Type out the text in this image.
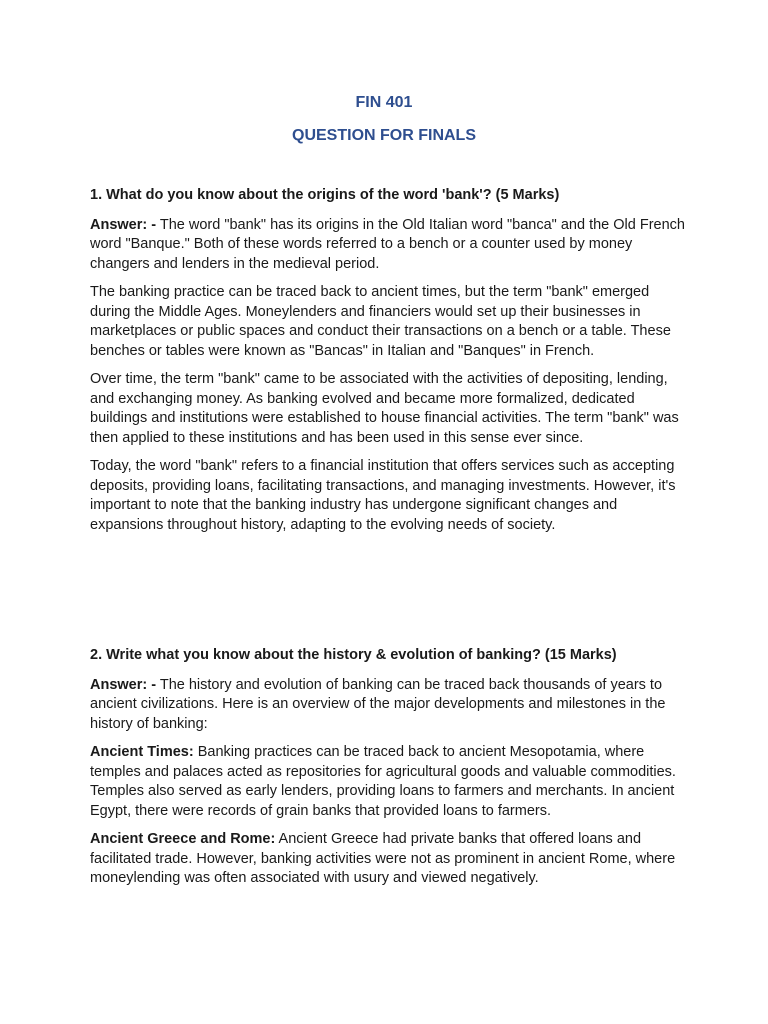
FIN 401
QUESTION FOR FINALS

1. What do you know about the origins of the word 'bank'? (5 Marks)

Answer: - The word "bank" has its origins in the Old Italian word "banca" and the Old French word "Banque." Both of these words referred to a bench or a counter used by money changers and lenders in the medieval period.

The banking practice can be traced back to ancient times, but the term "bank" emerged during the Middle Ages. Moneylenders and financiers would set up their businesses in marketplaces or public spaces and conduct their transactions on a bench or a table. These benches or tables were known as "Bancas" in Italian and "Banques" in French.

Over time, the term "bank" came to be associated with the activities of depositing, lending, and exchanging money. As banking evolved and became more formalized, dedicated buildings and institutions were established to house financial activities. The term "bank" was then applied to these institutions and has been used in this sense ever since.

Today, the word "bank" refers to a financial institution that offers services such as accepting deposits, providing loans, facilitating transactions, and managing investments. However, it's important to note that the banking industry has undergone significant changes and expansions throughout history, adapting to the evolving needs of society.

2. Write what you know about the history & evolution of banking? (15 Marks)

Answer: - The history and evolution of banking can be traced back thousands of years to ancient civilizations. Here is an overview of the major developments and milestones in the history of banking:

Ancient Times: Banking practices can be traced back to ancient Mesopotamia, where temples and palaces acted as repositories for agricultural goods and valuable commodities. Temples also served as early lenders, providing loans to farmers and merchants. In ancient Egypt, there were records of grain banks that provided loans to farmers.

Ancient Greece and Rome: Ancient Greece had private banks that offered loans and facilitated trade. However, banking activities were not as prominent in ancient Rome, where moneylending was often associated with usury and viewed negatively.
